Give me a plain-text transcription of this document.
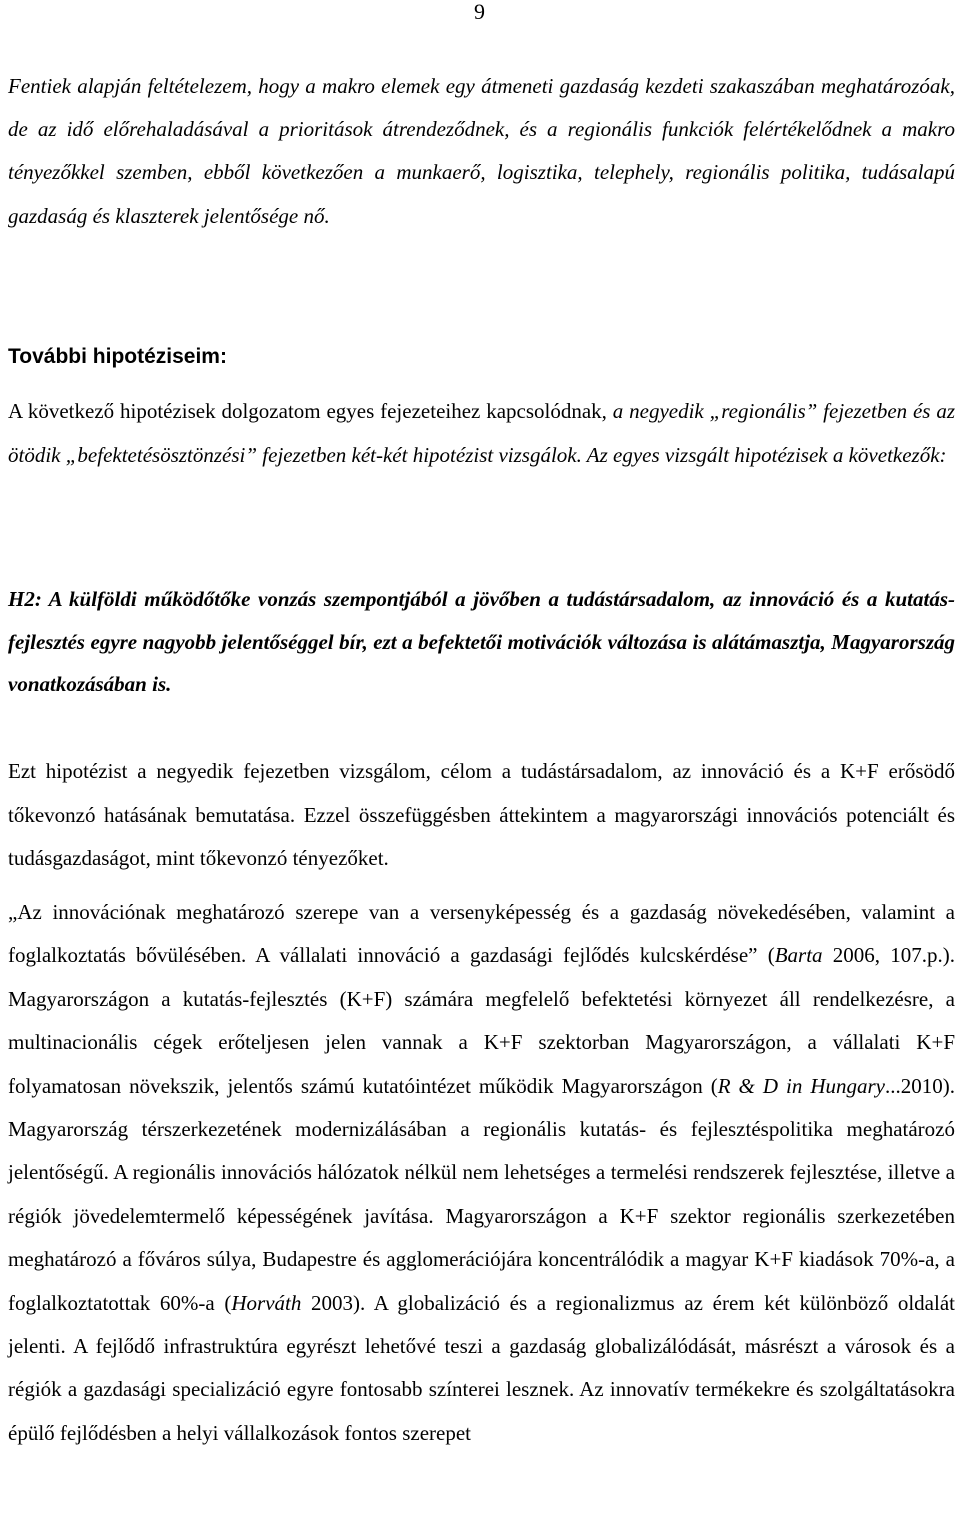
9

Fentiek alapján feltételezem, hogy a makro elemek egy átmeneti gazdaság kezdeti szakaszában meghatározóak, de az idő előrehaladásával a prioritások átrendeződnek, és a regionális funkciók felértékelődnek a makro tényezőkkel szemben, ebből következően a munkaerő, logisztika, telephely, regionális politika, tudásalapú gazdaság és klaszterek jelentősége nő.

További hipotéziseim:

A következő hipotézisek dolgozatom egyes fejezeteihez kapcsolódnak, a negyedik „regionális” fejezetben és az ötödik „befektetésösztönzési” fejezetben két-két hipotézist vizsgálok. Az egyes vizsgált hipotézisek a következők:

H2: A külföldi működőtőke vonzás szempontjából a jövőben a tudástársadalom, az innováció és a kutatás-fejlesztés egyre nagyobb jelentőséggel bír, ezt a befektetői motivációk változása is alátámasztja, Magyarország vonatkozásában is.

Ezt hipotézist a negyedik fejezetben vizsgálom, célom a tudástársadalom, az innováció és a K+F erősödő tőkevonzó hatásának bemutatása. Ezzel összefüggésben áttekintem a magyarországi innovációs potenciált és tudásgazdaságot, mint tőkevonzó tényezőket.

„Az innovációnak meghatározó szerepe van a versenyképesség és a gazdaság növekedésében, valamint a foglalkoztatás bővülésében. A vállalati innováció a gazdasági fejlődés kulcskérdése” (Barta 2006, 107.p.). Magyarországon a kutatás-fejlesztés (K+F) számára megfelelő befektetési környezet áll rendelkezésre, a multinacionális cégek erőteljesen jelen vannak a K+F szektorban Magyarországon, a vállalati K+F folyamatosan növekszik, jelentős számú kutatóintézet működik Magyarországon (R & D in Hungary...2010). Magyarország térszerkezetének modernizálásában a regionális kutatás- és fejlesztéspolitika meghatározó jelentőségű. A regionális innovációs hálózatok nélkül nem lehetséges a termelési rendszerek fejlesztése, illetve a régiók jövedelemtermelő képességének javítása. Magyarországon a K+F szektor regionális szerkezetében meghatározó a főváros súlya, Budapestre és agglomerációjára koncentrálódik a magyar K+F kiadások 70%-a, a foglalkoztatottak 60%-a (Horváth 2003). A globalizáció és a regionalizmus az érem két különböző oldalát jelenti. A fejlődő infrastruktúra egyrészt lehetővé teszi a gazdaság globalizálódását, másrészt a városok és a régiók a gazdasági specializáció egyre fontosabb színterei lesznek. Az innovatív termékekre és szolgáltatásokra épülő fejlődésben a helyi vállalkozások fontos szerepet
